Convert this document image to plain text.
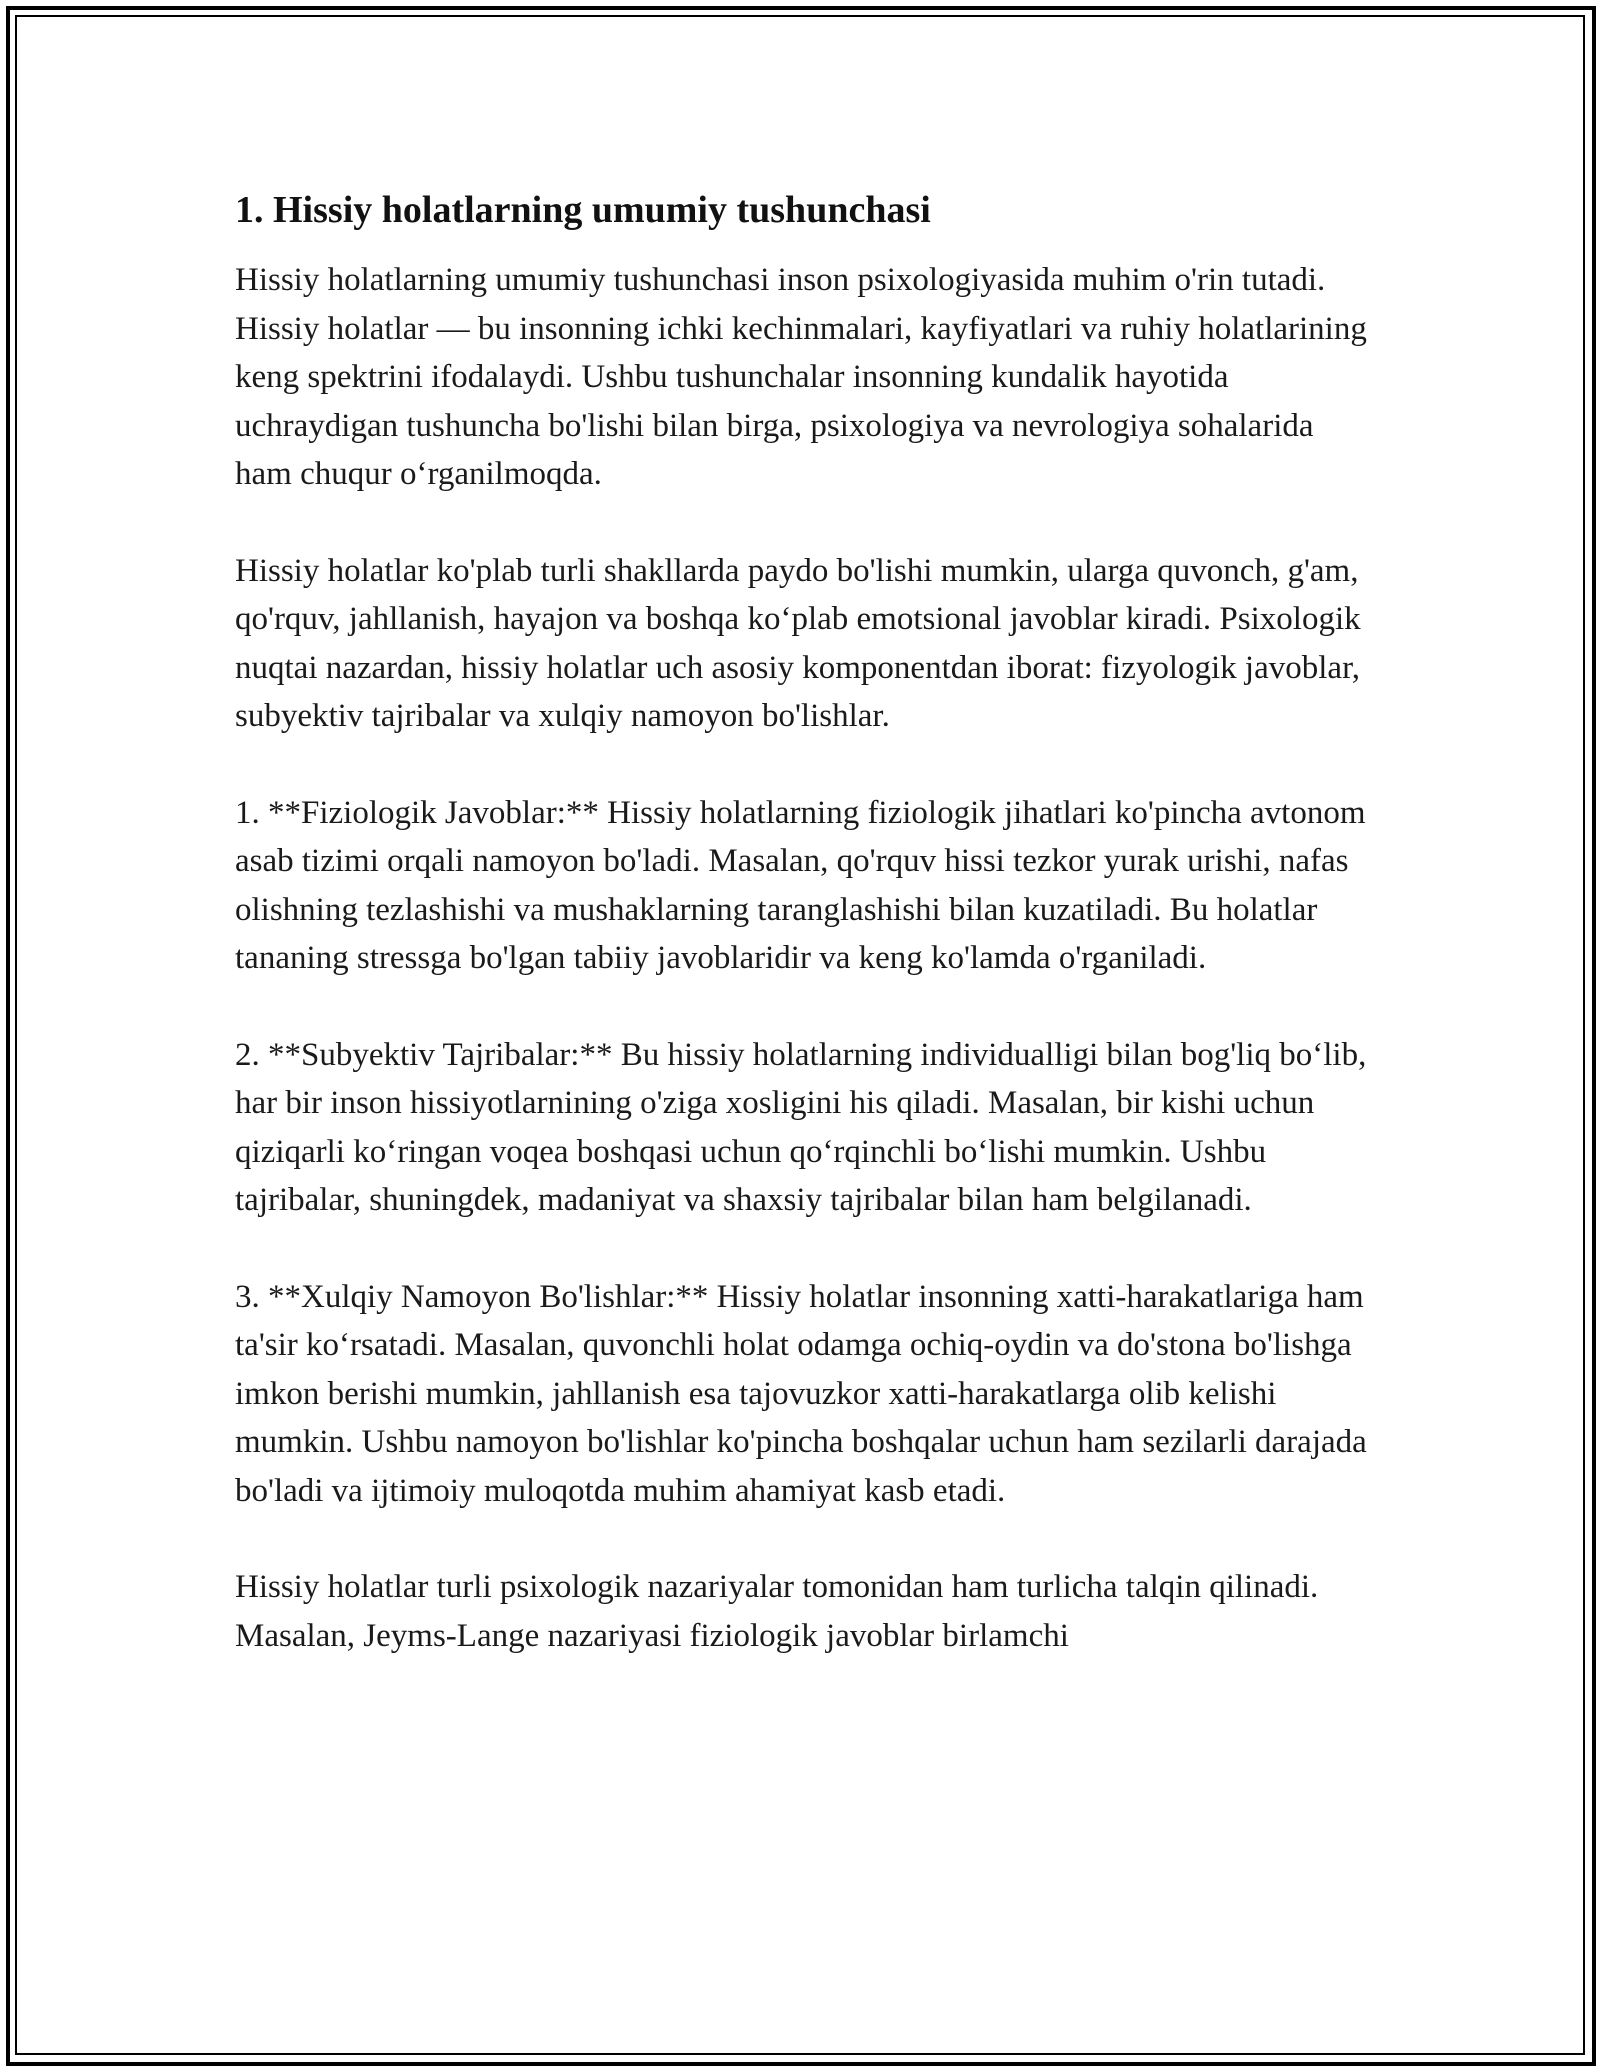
1. Hissiy holatlarning umumiy tushunchasi

Hissiy holatlarning umumiy tushunchasi inson psixologiyasida muhim o'rin tutadi. Hissiy holatlar — bu insonning ichki kechinmalari, kayfiyatlari va ruhiy holatlarining keng spektrini ifodalaydi. Ushbu tushunchalar insonning kundalik hayotida uchraydigan tushuncha bo'lishi bilan birga, psixologiya va nevrologiya sohalarida ham chuqur o‘rganilmoqda.

Hissiy holatlar ko'plab turli shakllarda paydo bo'lishi mumkin, ularga quvonch, g'am, qo'rquv, jahllanish, hayajon va boshqa ko‘plab emotsional javoblar kiradi. Psixologik nuqtai nazardan, hissiy holatlar uch asosiy komponentdan iborat: fizyologik javoblar, subyektiv tajribalar va xulqiy namoyon bo'lishlar.

1. **Fiziologik Javoblar:** Hissiy holatlarning fiziologik jihatlari ko'pincha avtonom asab tizimi orqali namoyon bo'ladi. Masalan, qo'rquv hissi tezkor yurak urishi, nafas olishning tezlashishi va mushaklarning taranglashishi bilan kuzatiladi. Bu holatlar tananing stressga bo'lgan tabiiy javoblaridir va keng ko'lamda o'rganiladi.

2. **Subyektiv Tajribalar:** Bu hissiy holatlarning individualligi bilan bog'liq bo‘lib, har bir inson hissiyotlarnining o'ziga xosligini his qiladi. Masalan, bir kishi uchun qiziqarli ko‘ringan voqea boshqasi uchun qo‘rqinchli bo‘lishi mumkin. Ushbu tajribalar, shuningdek, madaniyat va shaxsiy tajribalar bilan ham belgilanadi.

3. **Xulqiy Namoyon Bo'lishlar:** Hissiy holatlar insonning xatti-harakatlariga ham ta'sir ko‘rsatadi. Masalan, quvonchli holat odamga ochiq-oydin va do'stona bo'lishga imkon berishi mumkin, jahllanish esa tajovuzkor xatti-harakatlarga olib kelishi mumkin. Ushbu namoyon bo'lishlar ko'pincha boshqalar uchun ham sezilarli darajada bo'ladi va ijtimoiy muloqotda muhim ahamiyat kasb etadi.

Hissiy holatlar turli psixologik nazariyalar tomonidan ham turlicha talqin qilinadi. Masalan, Jeyms-Lange nazariyasi fiziologik javoblar birlamchi
